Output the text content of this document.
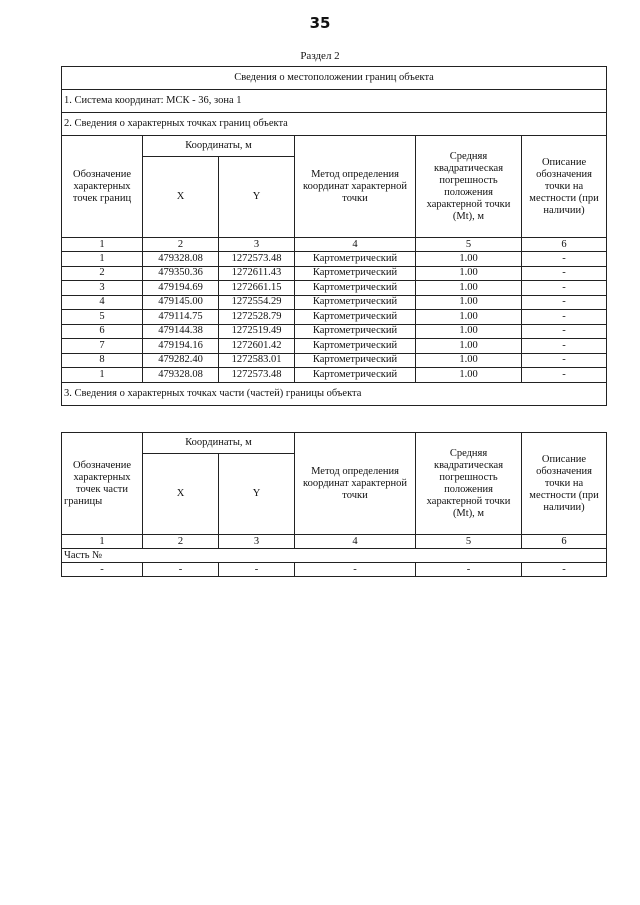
35
Раздел 2
Сведения о местоположении границ объекта					
1. Система координат: МСК - 36, зона 1					
2. Сведения о характерных точках границ объекта					
Обозначение характерных точек границ	Координаты, м		Метод определения координат характерной точки	Средняя квадратическая погрешность положения характерной точки (Mt), м	Описание обозначения точки на местности (при наличии)
	X	Y			
1	2	3	4	5	6
1	479328.08	1272573.48	Картометрический	1.00	-
2	479350.36	1272611.43	Картометрический	1.00	-
3	479194.69	1272661.15	Картометрический	1.00	-
4	479145.00	1272554.29	Картометрический	1.00	-
5	479114.75	1272528.79	Картометрический	1.00	-
6	479144.38	1272519.49	Картометрический	1.00	-
7	479194.16	1272601.42	Картометрический	1.00	-
8	479282.40	1272583.01	Картометрический	1.00	-
1	479328.08	1272573.48	Картометрический	1.00	-
3. Сведения о характерных точках части (частей) границы объекта					
Обозначение характерных точек части границы	Координаты, м		Метод определения координат характерной точки	Средняя квадратическая погрешность положения характерной точки (Mt), м	Описание обозначения точки на местности (при наличии)
	X	Y			
1	2	3	4	5	6
Часть №					
-	-	-	-	-	-
